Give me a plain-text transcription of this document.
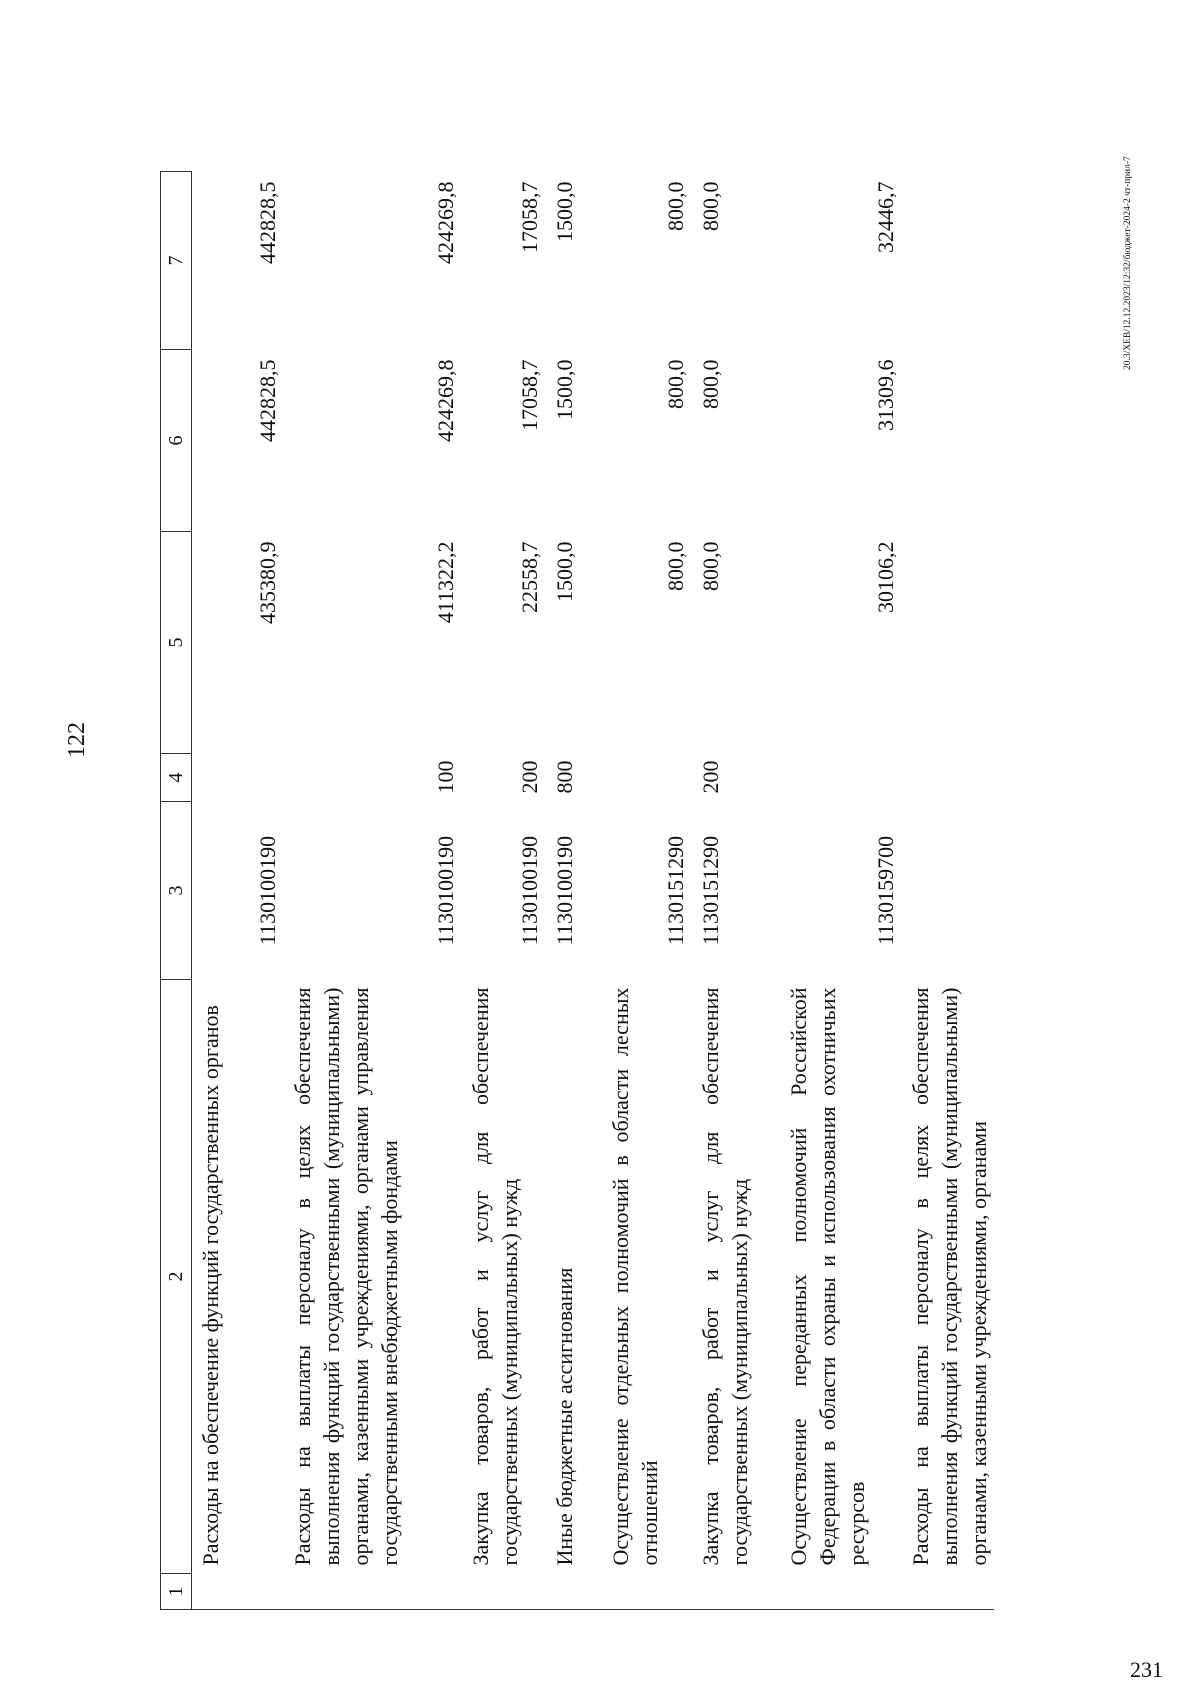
122
1	2	3	4	5	6	7
	Расходы на обеспечение функций государственных органов	1130100190		435380,9	442828,5	442828,5
	Расходы на выплаты персоналу в целях обеспечения выполнения функций государственными (муниципальными) органами, казенными учреждениями, органами управления государственными внебюджетными фондами	1130100190	100	411322,2	424269,8	424269,8
	Закупка товаров, работ и услуг для обеспечения государственных (муниципальных) нужд	1130100190	200	22558,7	17058,7	17058,7
	Иные бюджетные ассигнования	1130100190	800	1500,0	1500,0	1500,0
	Осуществление отдельных полномочий в области лесных отношений	1130151290		800,0	800,0	800,0
	Закупка товаров, работ и услуг для обеспечения государственных (муниципальных) нужд	1130151290	200	800,0	800,0	800,0
	Осуществление переданных полномочий Российской Федерации в области охраны и использования охотничьих ресурсов	1130159700		30106,2	31309,6	32446,7
	Расходы на выплаты персоналу в целях обеспечения выполнения функций государственными (муниципальными) органами, казенными учреждениями, органами					
20.3/ХЕВ/12.12.2023/12:32/бюджет-2024-2 чт-прил-7
231
